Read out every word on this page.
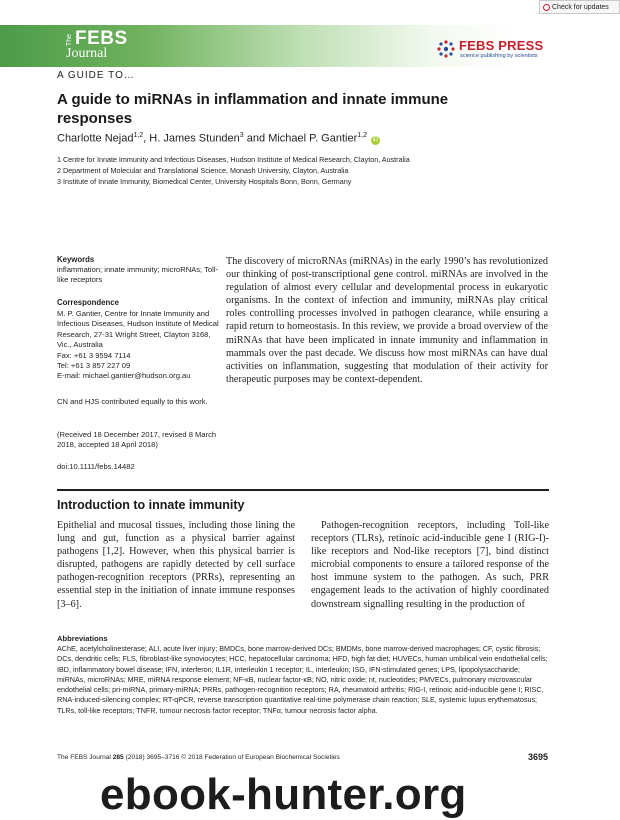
Check for updates
The FEBS
Journal
FEBS PRESS
science publishing by scientists
A GUIDE TO…
A guide to miRNAs in inflammation and innate immune responses
Charlotte Nejad$^{1,2}$, H. James Stunden$^3$ and Michael P. Gantier$^{1,2}$iD
1 Centre for Innate Immunity and Infectious Diseases, Hudson Institute of Medical Research, Clayton, Australia
2 Department of Molecular and Translational Science, Monash University, Clayton, Australia
3 Institute of Innate Immunity, Biomedical Center, University Hospitals Bonn, Bonn, Germany
Keywords
inflammation; innate immunity; microRNAs; Toll-like receptors
Correspondence
M. P. Gantier, Centre for Innate Immunity and Infectious Diseases, Hudson Institute of Medical Research, 27-31 Wright Street, Clayton 3168, Vic., Australia
Fax: +61 3 9594 7114
Tel: +61 3 857 227 09
E-mail: michael.gantier@hudson.org.au
CN and HJS contributed equally to this work.
(Received 18 December 2017, revised 8 March 2018, accepted 18 April 2018)
doi:10.1111/febs.14482
The discovery of microRNAs (miRNAs) in the early 1990’s has revolutionized our thinking of post-transcriptional gene control. miRNAs are involved in the regulation of almost every cellular and developmental process in eukaryotic organisms. In the context of infection and immunity, miRNAs play critical roles controlling processes involved in pathogen clearance, while ensuring a rapid return to homeostasis. In this review, we provide a broad overview of the miRNAs that have been implicated in innate immunity and inflammation in mammals over the past decade. We discuss how most miRNAs can have dual activities on inflammation, suggesting that modulation of their activity for therapeutic purposes may be context-dependent.
Introduction to innate immunity
Epithelial and mucosal tissues, including those lining the lung and gut, function as a physical barrier against pathogens [1,2]. However, when this physical barrier is disrupted, pathogens are rapidly detected by cell surface pathogen-recognition receptors (PRRs), representing an essential step in the initiation of innate immune responses [3–6].
Pathogen-recognition receptors, including Toll-like receptors (TLRs), retinoic acid-inducible gene I (RIG-I)-like receptors and Nod-like receptors [7], bind distinct microbial components to ensure a tailored response of the host immune system to the pathogen. As such, PRR engagement leads to the activation of highly coordinated downstream signalling resulting in the production of
Abbreviations
AChE, acetylcholinesterase; ALI, acute liver injury; BMDCs, bone marrow-derived DCs; BMDMs, bone marrow-derived macrophages; CF, cystic fibrosis; DCs, dendritic cells; FLS, fibroblast-like synoviocytes; HCC, hepatocellular carcinoma; HFD, high fat diet; HUVECs, human umbilical vein endothelial cells; IBD, inflammatory bowel disease; IFN, interferon; IL1R, interleukin 1 receptor; IL, interleukin; ISG, IFN-stimulated genes; LPS, lipopolysaccharide; miRNAs, microRNAs; MRE, miRNA response element; NF-κB, nuclear factor-κB; NO, nitric oxide; nt, nucleotides; PMVECs, pulmonary microvascular endothelial cells; pri-miRNA, primary-miRNA; PRRs, pathogen-recognition receptors; RA, rheumatoid arthritis; RIG-I, retinoic acid-inducible gene I; RISC, RNA-induced-silencing complex; RT-qPCR, reverse transcription quantitative real-time polymerase chain reaction; SLE, systemic lupus erythematosus; TLRs, toll-like receptors; TNFR, tumour necrosis factor receptor; TNFα, tumour necrosis factor alpha.
The FEBS Journal 285 (2018) 3695–3716 © 2018 Federation of European Biochemical Societies	3695
ebook-hunter.org
